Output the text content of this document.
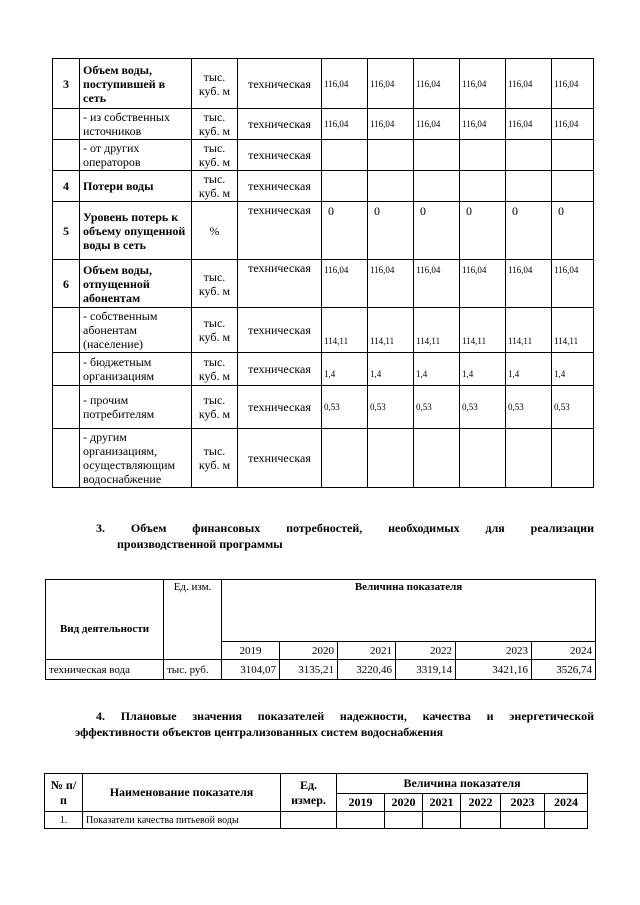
3	Объем воды, поступившей в сеть	тыс. куб. м	техническая	116,04	116,04	116,04	116,04	116,04	116,04
	- из собственных источников	тыс. куб. м	техническая	116,04	116,04	116,04	116,04	116,04	116,04
	- от других операторов	тыс. куб. м	техническая						
4	Потери воды	тыс. куб. м	техническая						
5	Уровень потерь к объему опущенной воды в сеть	%	техническая	0	0	0	0	0	0
6	Объем воды, отпущенной абонентам	тыс. куб. м	техническая	116,04	116,04	116,04	116,04	116,04	116,04
	- собственным абонентам (население)	тыс. куб. м	техническая	114,11	114,11	114,11	114,11	114,11	114,11
	- бюджетным организациям	тыс. куб. м	техническая	1,4	1,4	1,4	1,4	1,4	1,4
	- прочим потребителям	тыс. куб. м	техническая	0,53	0,53	0,53	0,53	0,53	0,53
	- другим организациям, осуществляющим водоснабжение	тыс. куб. м	техническая						
3. Объем финансовых потребностей, необходимых для реализации
производственной программы
Вид деятельности	Ед. изм.	Величина показателя					
		2019	2020	2021	2022	2023	2024
техническая вода	тыс. руб.	3104,07	3135,21	3220,46	3319,14	3421,16	3526,74
4. Плановые значения показателей надежности, качества и энергетической
эффективности объектов централизованных систем водоснабжения
№ п/п	Наименование показателя	Ед. измер.	Величина показателя					
			2019	2020	2021	2022	2023	2024
1.	Показатели качества питьевой воды							
